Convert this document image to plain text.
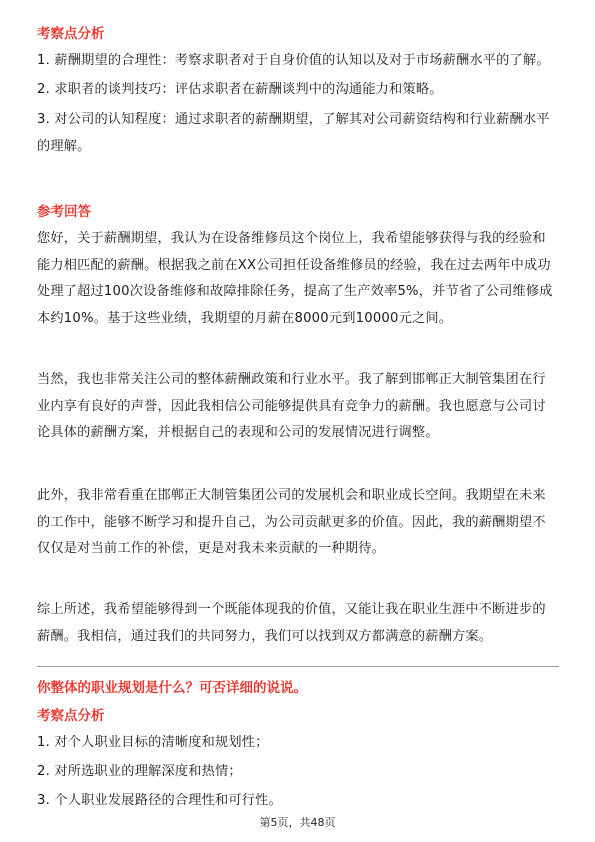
考察点分析

1. 薪酬期望的合理性：考察求职者对于自身价值的认知以及对于市场薪酬水平的了解。

2. 求职者的谈判技巧：评估求职者在薪酬谈判中的沟通能力和策略。

3. 对公司的认知程度：通过求职者的薪酬期望，了解其对公司薪资结构和行业薪酬水平的理解。

参考回答

您好，关于薪酬期望，我认为在设备维修员这个岗位上，我希望能够获得与我的经验和能力相匹配的薪酬。根据我之前在XX公司担任设备维修员的经验，我在过去两年中成功处理了超过100次设备维修和故障排除任务，提高了生产效率5%，并节省了公司维修成本约10%。基于这些业绩，我期望的月薪在8000元到10000元之间。

当然，我也非常关注公司的整体薪酬政策和行业水平。我了解到邯郸正大制管集团在行业内享有良好的声誉，因此我相信公司能够提供具有竞争力的薪酬。我也愿意与公司讨论具体的薪酬方案，并根据自己的表现和公司的发展情况进行调整。

此外，我非常看重在邯郸正大制管集团公司的发展机会和职业成长空间。我期望在未来的工作中，能够不断学习和提升自己，为公司贡献更多的价值。因此，我的薪酬期望不仅仅是对当前工作的补偿，更是对我未来贡献的一种期待。

综上所述，我希望能够得到一个既能体现我的价值，又能让我在职业生涯中不断进步的薪酬。我相信，通过我们的共同努力，我们可以找到双方都满意的薪酬方案。

你整体的职业规划是什么？可否详细的说说。

考察点分析

1. 对个人职业目标的清晰度和规划性；

2. 对所选职业的理解深度和热情；

3. 个人职业发展路径的合理性和可行性。

第5页，共48页
